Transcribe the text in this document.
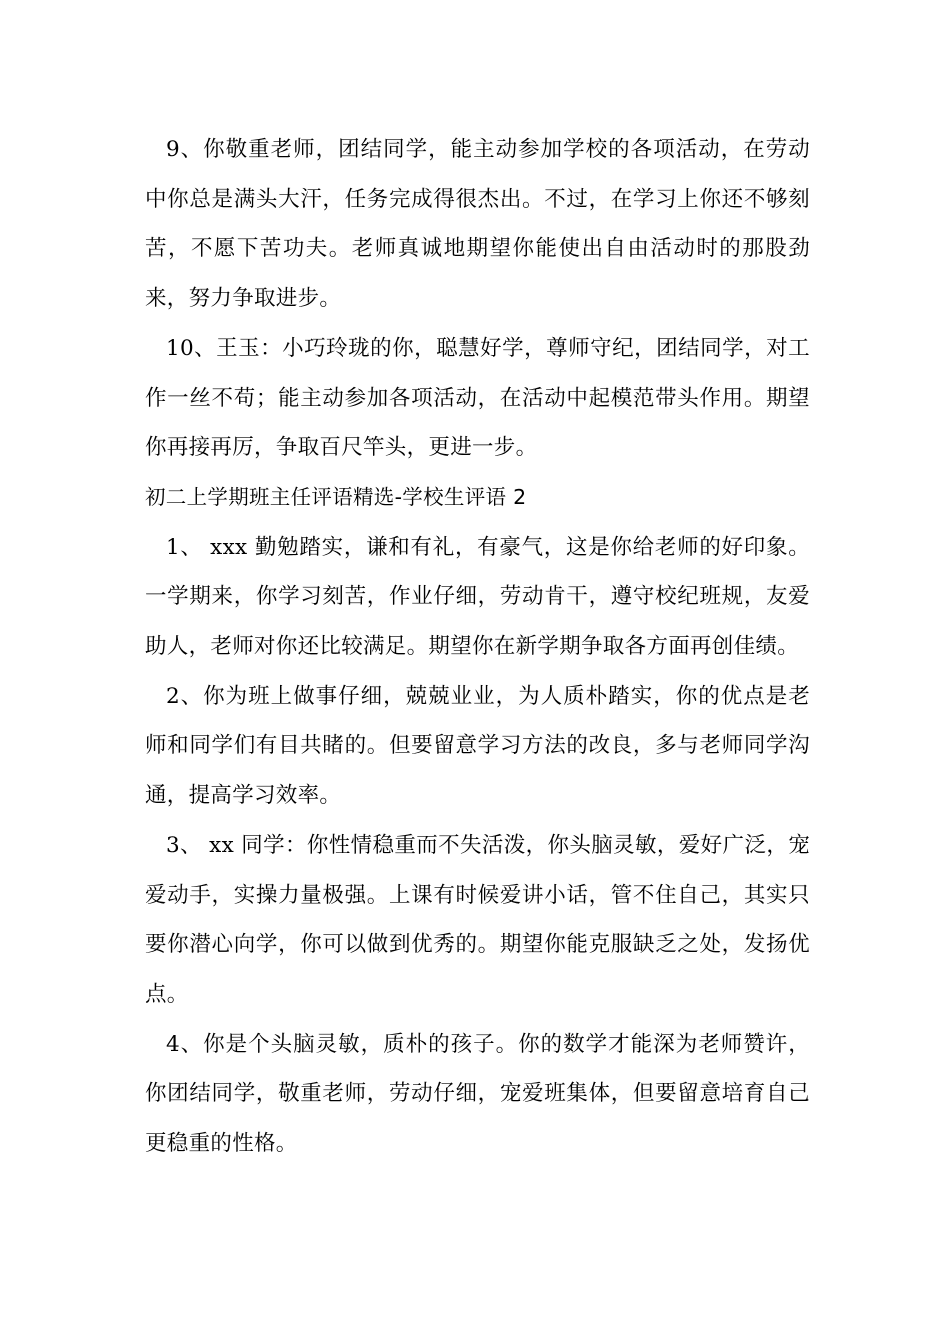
9、你敬重老师，团结同学，能主动参加学校的各项活动，在劳动中你总是满头大汗，任务完成得很杰出。不过，在学习上你还不够刻苦，不愿下苦功夫。老师真诚地期望你能使出自由活动时的那股劲来，努力争取进步。

10、王玉：小巧玲珑的你，聪慧好学，尊师守纪，团结同学，对工作一丝不苟；能主动参加各项活动，在活动中起模范带头作用。期望你再接再厉，争取百尺竿头，更进一步。

初二上学期班主任评语精选-学校生评语 2

1、 xxx 勤勉踏实，谦和有礼，有豪气，这是你给老师的好印象。一学期来，你学习刻苦，作业仔细，劳动肯干，遵守校纪班规，友爱助人，老师对你还比较满足。期望你在新学期争取各方面再创佳绩。

2、你为班上做事仔细，兢兢业业，为人质朴踏实，你的优点是老师和同学们有目共睹的。但要留意学习方法的改良，多与老师同学沟通，提高学习效率。

3、 xx 同学：你性情稳重而不失活泼，你头脑灵敏，爱好广泛，宠爱动手，实操力量极强。上课有时候爱讲小话，管不住自己，其实只要你潜心向学，你可以做到优秀的。期望你能克服缺乏之处，发扬优点。

4、你是个头脑灵敏，质朴的孩子。你的数学才能深为老师赞许，你团结同学，敬重老师，劳动仔细，宠爱班集体，但要留意培育自己更稳重的性格。
